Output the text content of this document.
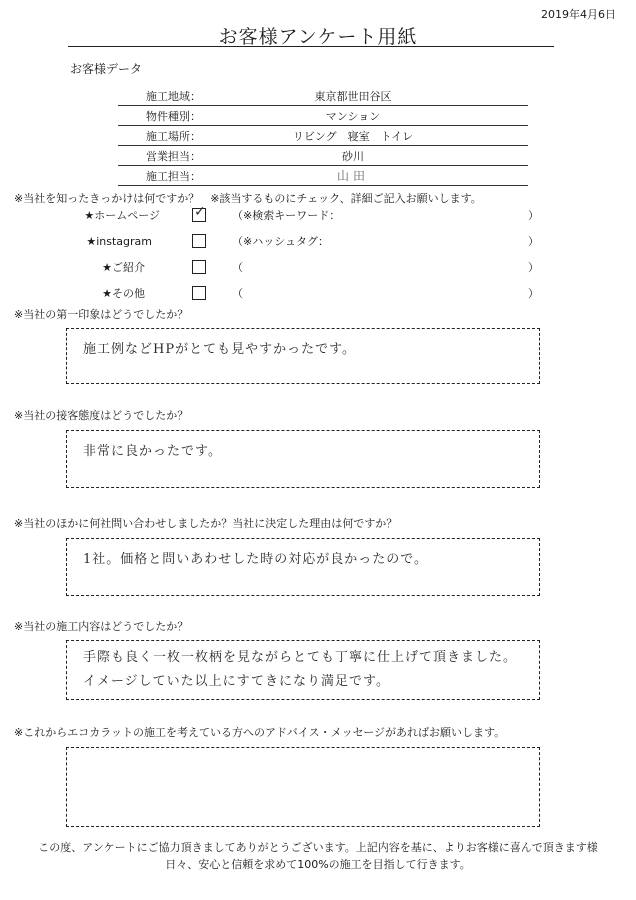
2019年4月6日
お客様アンケート用紙
お客様データ
施工地域：	東京都世田谷区
物件種別：	マンション
施工場所：	リビング　寝室　トイレ
営業担当：	砂川
施工担当：	山田
※当社を知ったきっかけは何ですか？　※該当するものにチェック、詳細ご記入お願いします。
★ホームページ ✓ （※検索キーワード：	）
★instagram	（※ハッシュタグ：	）
★ご紹介	（	）
★その他	（	）
※当社の第一印象はどうでしたか？
施工例などHPがとても見やすかったです。
※当社の接客態度はどうでしたか？
非常に良かったです。
※当社のほかに何社問い合わせしましたか？当社に決定した理由は何ですか？
1社。価格と問いあわせした時の対応が良かったので。
※当社の施工内容はどうでしたか？
手際も良く一枚一枚柄を見ながらとても丁寧に仕上げて頂きました。
イメージしていた以上にすてきになり満足です。
※これからエコカラットの施工を考えている方へのアドバイス・メッセージがあればお願いします。
この度、アンケートにご協力頂きましてありがとうございます。上記内容を基に、よりお客様に喜んで頂きます様
日々、安心と信頼を求めて100%の施工を目指して行きます。
